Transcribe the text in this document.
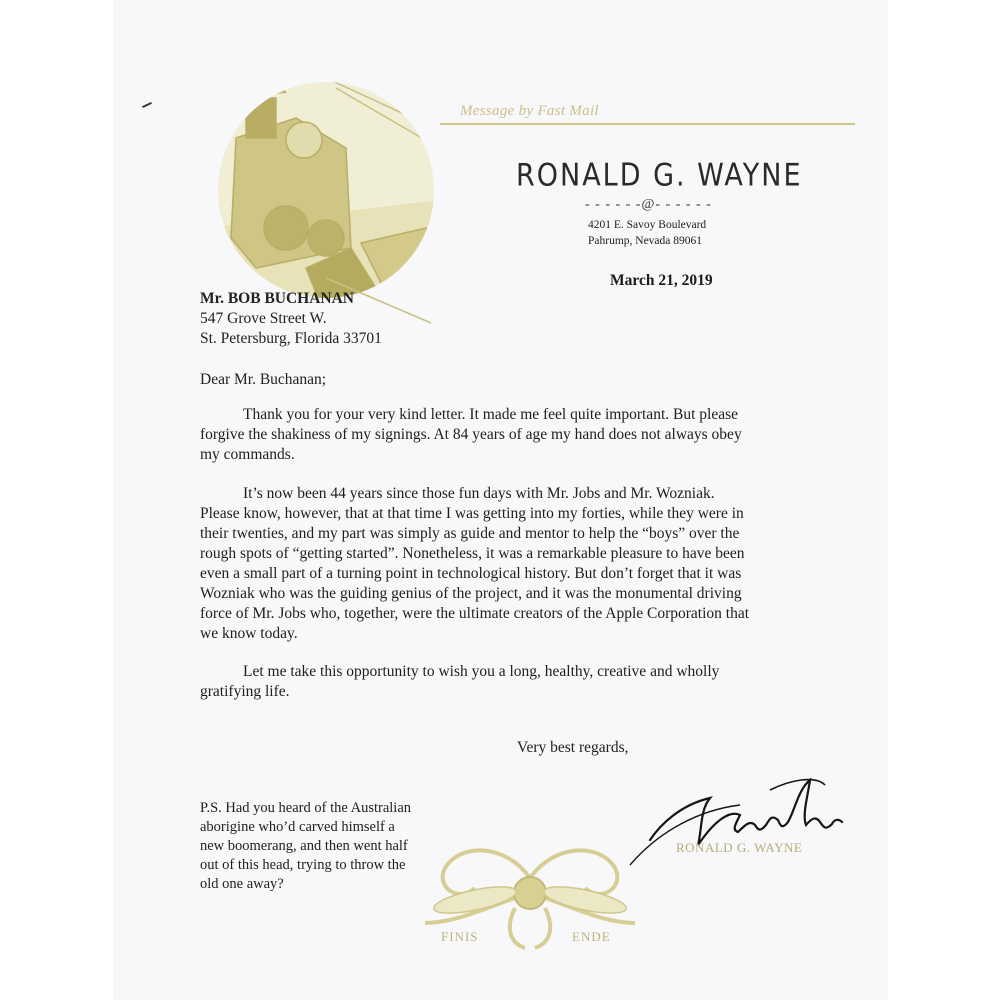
Message by Fast Mail
RONALD G. WAYNE
- - - - - -@- - - - - -
4201 E. Savoy Boulevard
Pahrump, Nevada 89061
March 21, 2019
Mr. BOB BUCHANAN
547 Grove Street W.
St. Petersburg, Florida 33701
Dear Mr. Buchanan;
Thank you for your very kind letter. It made me feel quite important. But please
forgive the shakiness of my signings. At 84 years of age my hand does not always obey
my commands.
It’s now been 44 years since those fun days with Mr. Jobs and Mr. Wozniak.
Please know, however, that at that time I was getting into my forties, while they were in
their twenties, and my part was simply as guide and mentor to help the “boys” over the
rough spots of “getting started”. Nonetheless, it was a remarkable pleasure to have been
even a small part of a turning point in technological history. But don’t forget that it was
Wozniak who was the guiding genius of the project, and it was the monumental driving
force of Mr. Jobs who, together, were the ultimate creators of the Apple Corporation that
we know today.
Let me take this opportunity to wish you a long, healthy, creative and wholly
gratifying life.
Very best regards,
P.S. Had you heard of the Australian
aborigine who’d carved himself a
new boomerang, and then went half
out of this head, trying to throw the
old one away?
FINIS	ENDE
RONALD G. WAYNE
